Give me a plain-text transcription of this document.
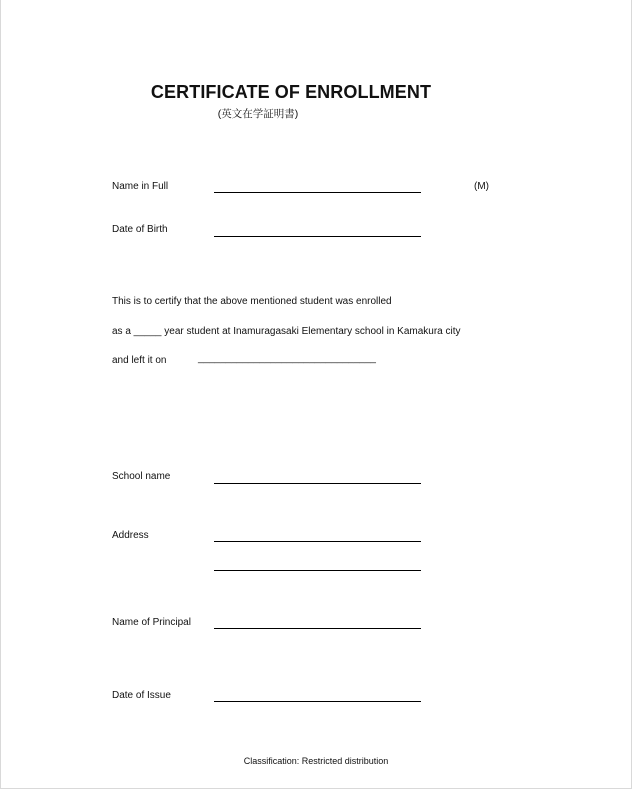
CERTIFICATE OF ENROLLMENT
(英文在学証明書)
Name in Full	(M)
Date of Birth
This is to certify that the above mentioned student was enrolled
as a _____ year student at Inamuragasaki Elementary school in Kamakura city
and left it on	________________________________
School name
Address
Name of Principal
Date of Issue
Classification: Restricted distribution
